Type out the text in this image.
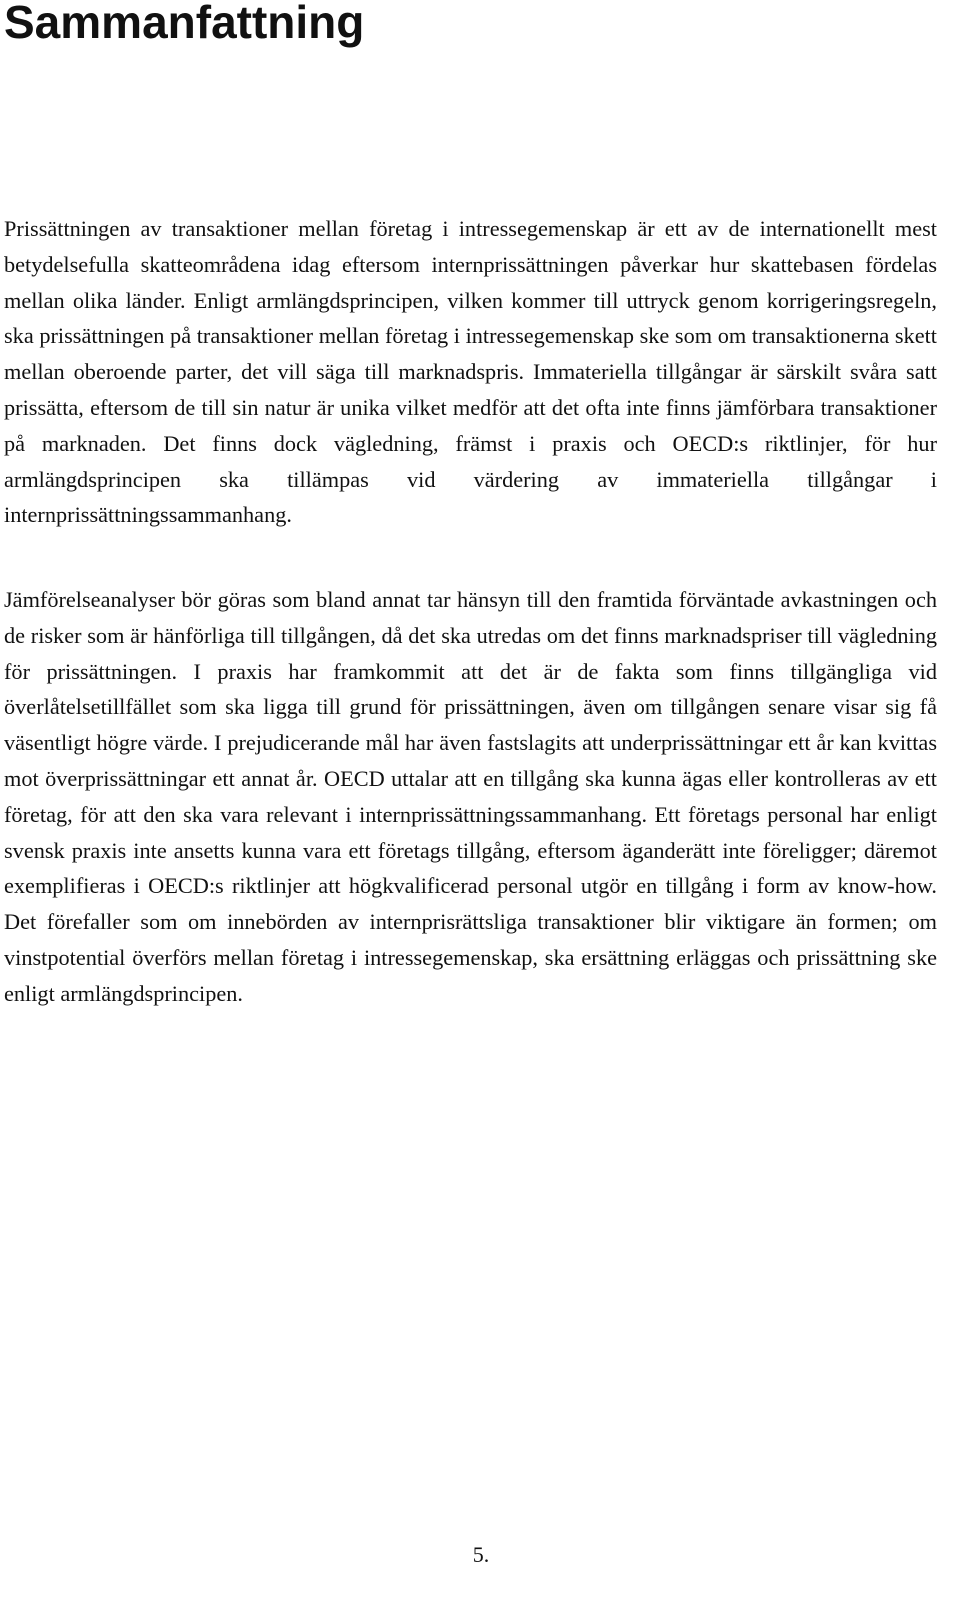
Sammanfattning

Prissättningen av transaktioner mellan företag i intressegemenskap är ett av de internationellt mest betydelsefulla skatteområdena idag eftersom internprissättningen påverkar hur skattebasen fördelas mellan olika länder. Enligt armlängdsprincipen, vilken kommer till uttryck genom korrigeringsregeln, ska prissättningen på transaktioner mellan företag i intressegemenskap ske som om transaktionerna skett mellan oberoende parter, det vill säga till marknadspris. Immateriella tillgångar är särskilt svåra satt prissätta, eftersom de till sin natur är unika vilket medför att det ofta inte finns jämförbara transaktioner på marknaden. Det finns dock vägledning, främst i praxis och OECD:s riktlinjer, för hur armlängdsprincipen ska tillämpas vid värdering av immateriella tillgångar i internprissättningssammanhang.

Jämförelseanalyser bör göras som bland annat tar hänsyn till den framtida förväntade avkastningen och de risker som är hänförliga till tillgången, då det ska utredas om det finns marknadspriser till vägledning för prissättningen. I praxis har framkommit att det är de fakta som finns tillgängliga vid överlåtelsetillfället som ska ligga till grund för prissättningen, även om tillgången senare visar sig få väsentligt högre värde. I prejudicerande mål har även fastslagits att underprissättningar ett år kan kvittas mot överprissättningar ett annat år. OECD uttalar att en tillgång ska kunna ägas eller kontrolleras av ett företag, för att den ska vara relevant i internprissättningssammanhang. Ett företags personal har enligt svensk praxis inte ansetts kunna vara ett företags tillgång, eftersom äganderätt inte föreligger; däremot exemplifieras i OECD:s riktlinjer att högkvalificerad personal utgör en tillgång i form av know-how. Det förefaller som om innebörden av internprisrättsliga transaktioner blir viktigare än formen; om vinstpotential överförs mellan företag i intressegemenskap, ska ersättning erläggas och prissättning ske enligt armlängdsprincipen.

5.
